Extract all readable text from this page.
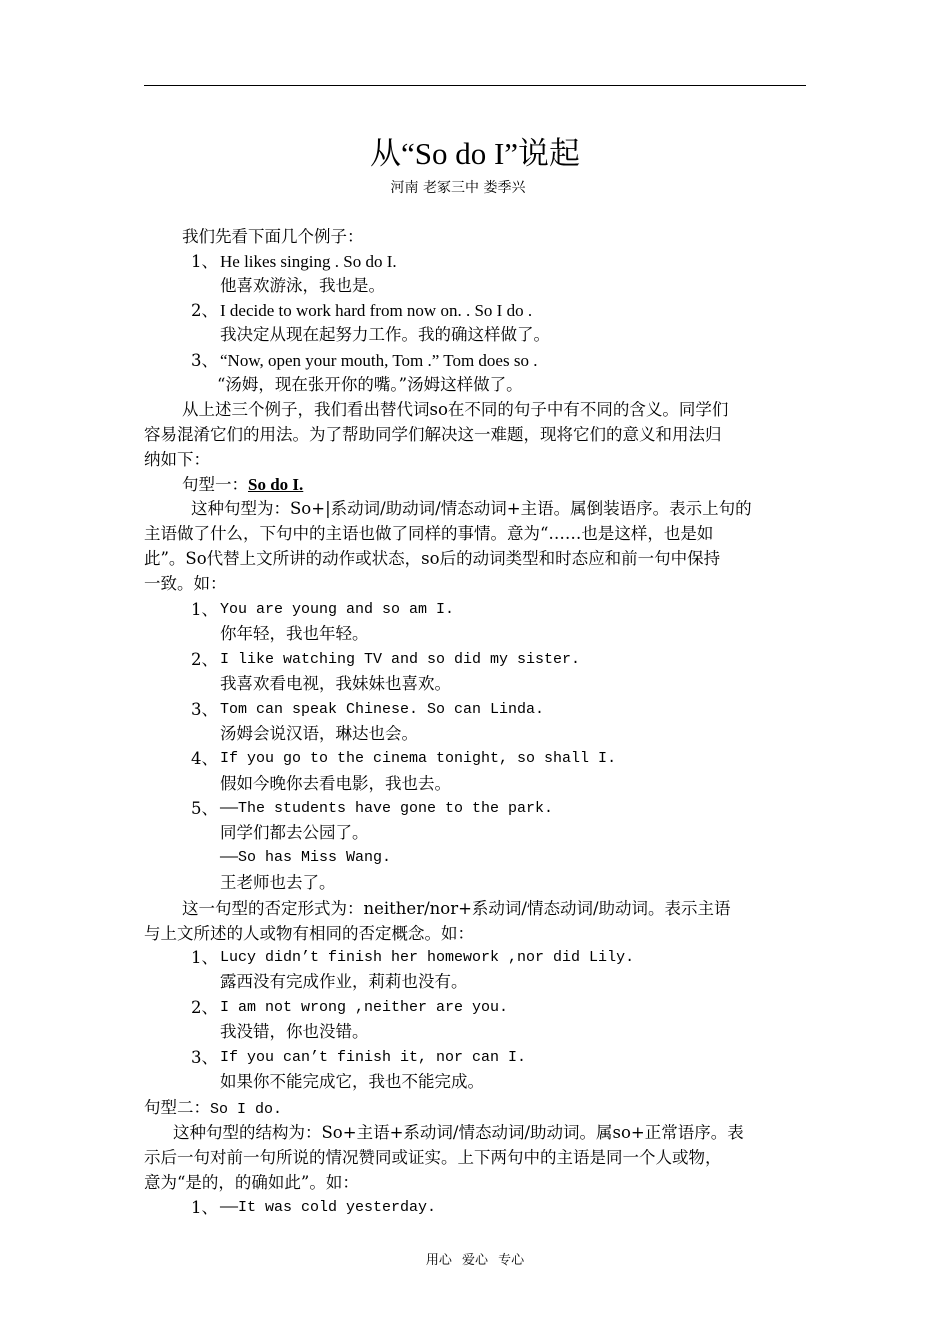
从“So do I”说起
河南 老冢三中 娄季兴
我们先看下面几个例子：
1、 He likes singing . So do I.
他喜欢游泳，我也是。
2、 I decide to work hard from now on. . So I do .
我决定从现在起努力工作。我的确这样做了。
3、 “Now, open your mouth, Tom .” Tom does so .
“汤姆，现在张开你的嘴。”汤姆这样做了。
从上述三个例子，我们看出替代词so在不同的句子中有不同的含义。同学们
容易混淆它们的用法。为了帮助同学们解决这一难题，现将它们的意义和用法归
纳如下：
句型一：So do I.
这种句型为：So+|系动词/助动词/情态动词+主语。属倒装语序。表示上句的
主语做了什么，下句中的主语也做了同样的事情。意为“……也是这样，也是如
此”。So代替上文所讲的动作或状态，so后的动词类型和时态应和前一句中保持
一致。如：
1、 You are young and so am I.
你年轻，我也年轻。
2、 I like watching TV and so did my sister.
我喜欢看电视，我妹妹也喜欢。
3、 Tom can speak Chinese. So can Linda.
汤姆会说汉语，琳达也会。
4、 If you go to the cinema tonight, so shall I.
假如今晚你去看电影，我也去。
5、 ——The students have gone to the park.
同学们都去公园了。
——So has Miss Wang.
王老师也去了。
这一句型的否定形式为：neither/nor+系动词/情态动词/助动词。表示主语
与上文所述的人或物有相同的否定概念。如：
1、 Lucy didn’t finish her homework ,nor did Lily.
露西没有完成作业，莉莉也没有。
2、 I am not wrong ,neither are you.
我没错，你也没错。
3、 If you can’t finish it, nor can I.
如果你不能完成它，我也不能完成。
句型二：So I do.
这种句型的结构为：So+主语+系动词/情态动词/助动词。属so+正常语序。表
示后一句对前一句所说的情况赞同或证实。上下两句中的主语是同一个人或物，
意为“是的，的确如此”。如：
1、 ——It was cold yesterday.
用心 爱心 专心
